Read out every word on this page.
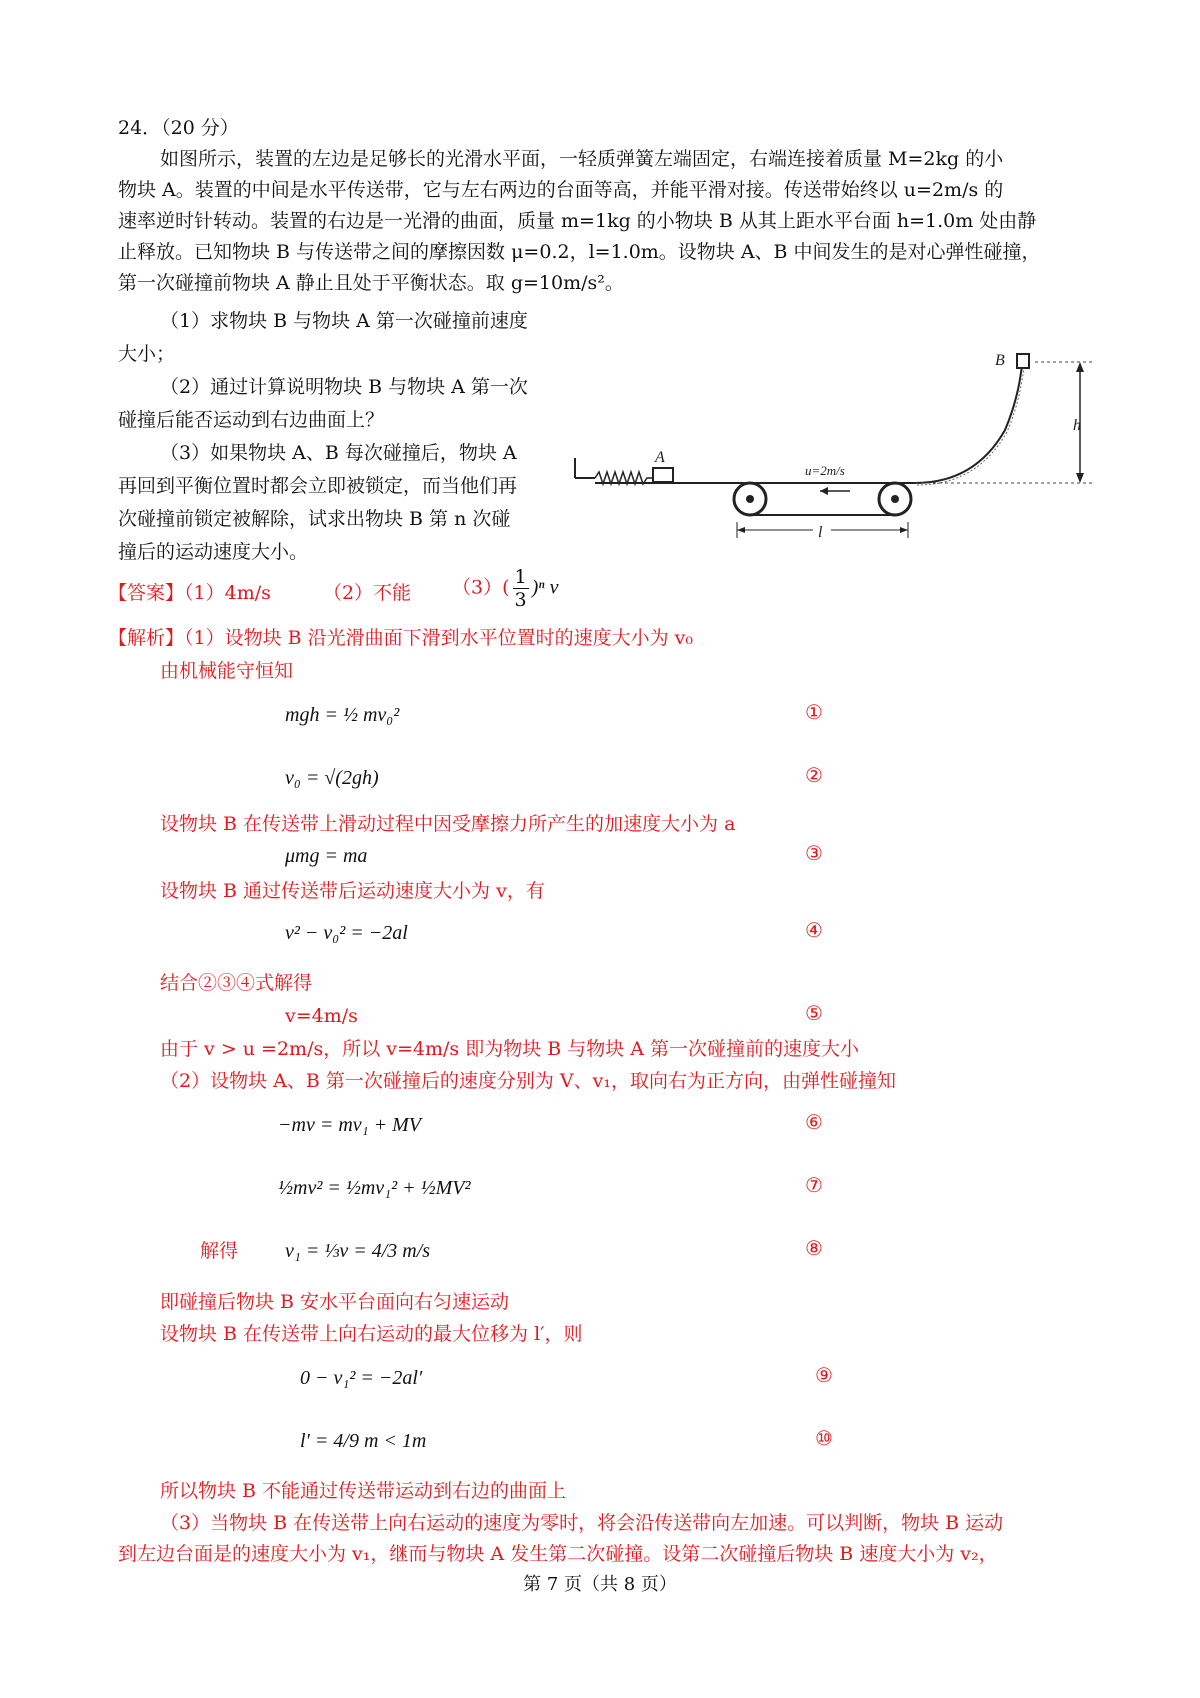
24．（20 分）
如图所示，装置的左边是足够长的光滑水平面，一轻质弹簧左端固定，右端连接着质量 M=2kg 的小
物块 A。装置的中间是水平传送带，它与左右两边的台面等高，并能平滑对接。传送带始终以 u=2m/s 的
速率逆时针转动。装置的右边是一光滑的曲面，质量 m=1kg 的小物块 B 从其上距水平台面 h=1.0m 处由静
止释放。已知物块 B 与传送带之间的摩擦因数 μ=0.2，l=1.0m。设物块 A、B 中间发生的是对心弹性碰撞，
第一次碰撞前物块 A 静止且处于平衡状态。取 g=10m/s²。
（1）求物块 B 与物块 A 第一次碰撞前速度
大小；
（2）通过计算说明物块 B 与物块 A 第一次
碰撞后能否运动到右边曲面上？
（3）如果物块 A、B 每次碰撞后，物块 A
再回到平衡位置时都会立即被锁定，而当他们再
次碰撞前锁定被解除，试求出物块 B 第 n 次碰
撞后的运动速度大小。
A
u=2m/s
B
h
l
【答案】（1）4m/s	（2）不能	$(3)( \frac{1}{3} )^n$ v
【解析】（1）设物块 B 沿光滑曲面下滑到水平位置时的速度大小为 v₀
由机械能守恒知
mgh = ½ mv₀²	①
v₀ = √(2gh)	②
设物块 B 在传送带上滑动过程中因受摩擦力所产生的加速度大小为 a
μmg = ma	③
设物块 B 通过传送带后运动速度大小为 v，有
v² − v₀² = −2al	④
结合②③④式解得
v=4m/s	⑤
由于 v > u =2m/s，所以 v=4m/s 即为物块 B 与物块 A 第一次碰撞前的速度大小
（2）设物块 A、B 第一次碰撞后的速度分别为 V、v₁，取向右为正方向，由弹性碰撞知
−mv = mv₁ + MV	⑥
½mv² = ½mv₁² + ½MV²	⑦
解得 v₁ = ⅓v = 4/3 m/s	⑧
即碰撞后物块 B 安水平台面向右匀速运动
设物块 B 在传送带上向右运动的最大位移为 l′，则
0 − v₁² = −2al′	⑨
l′ = 4/9 m < 1m	⑩
所以物块 B 不能通过传送带运动到右边的曲面上
（3）当物块 B 在传送带上向右运动的速度为零时，将会沿传送带向左加速。可以判断，物块 B 运动
到左边台面是的速度大小为 v₁，继而与物块 A 发生第二次碰撞。设第二次碰撞后物块 B 速度大小为 v₂，
第 7 页（共 8 页）
